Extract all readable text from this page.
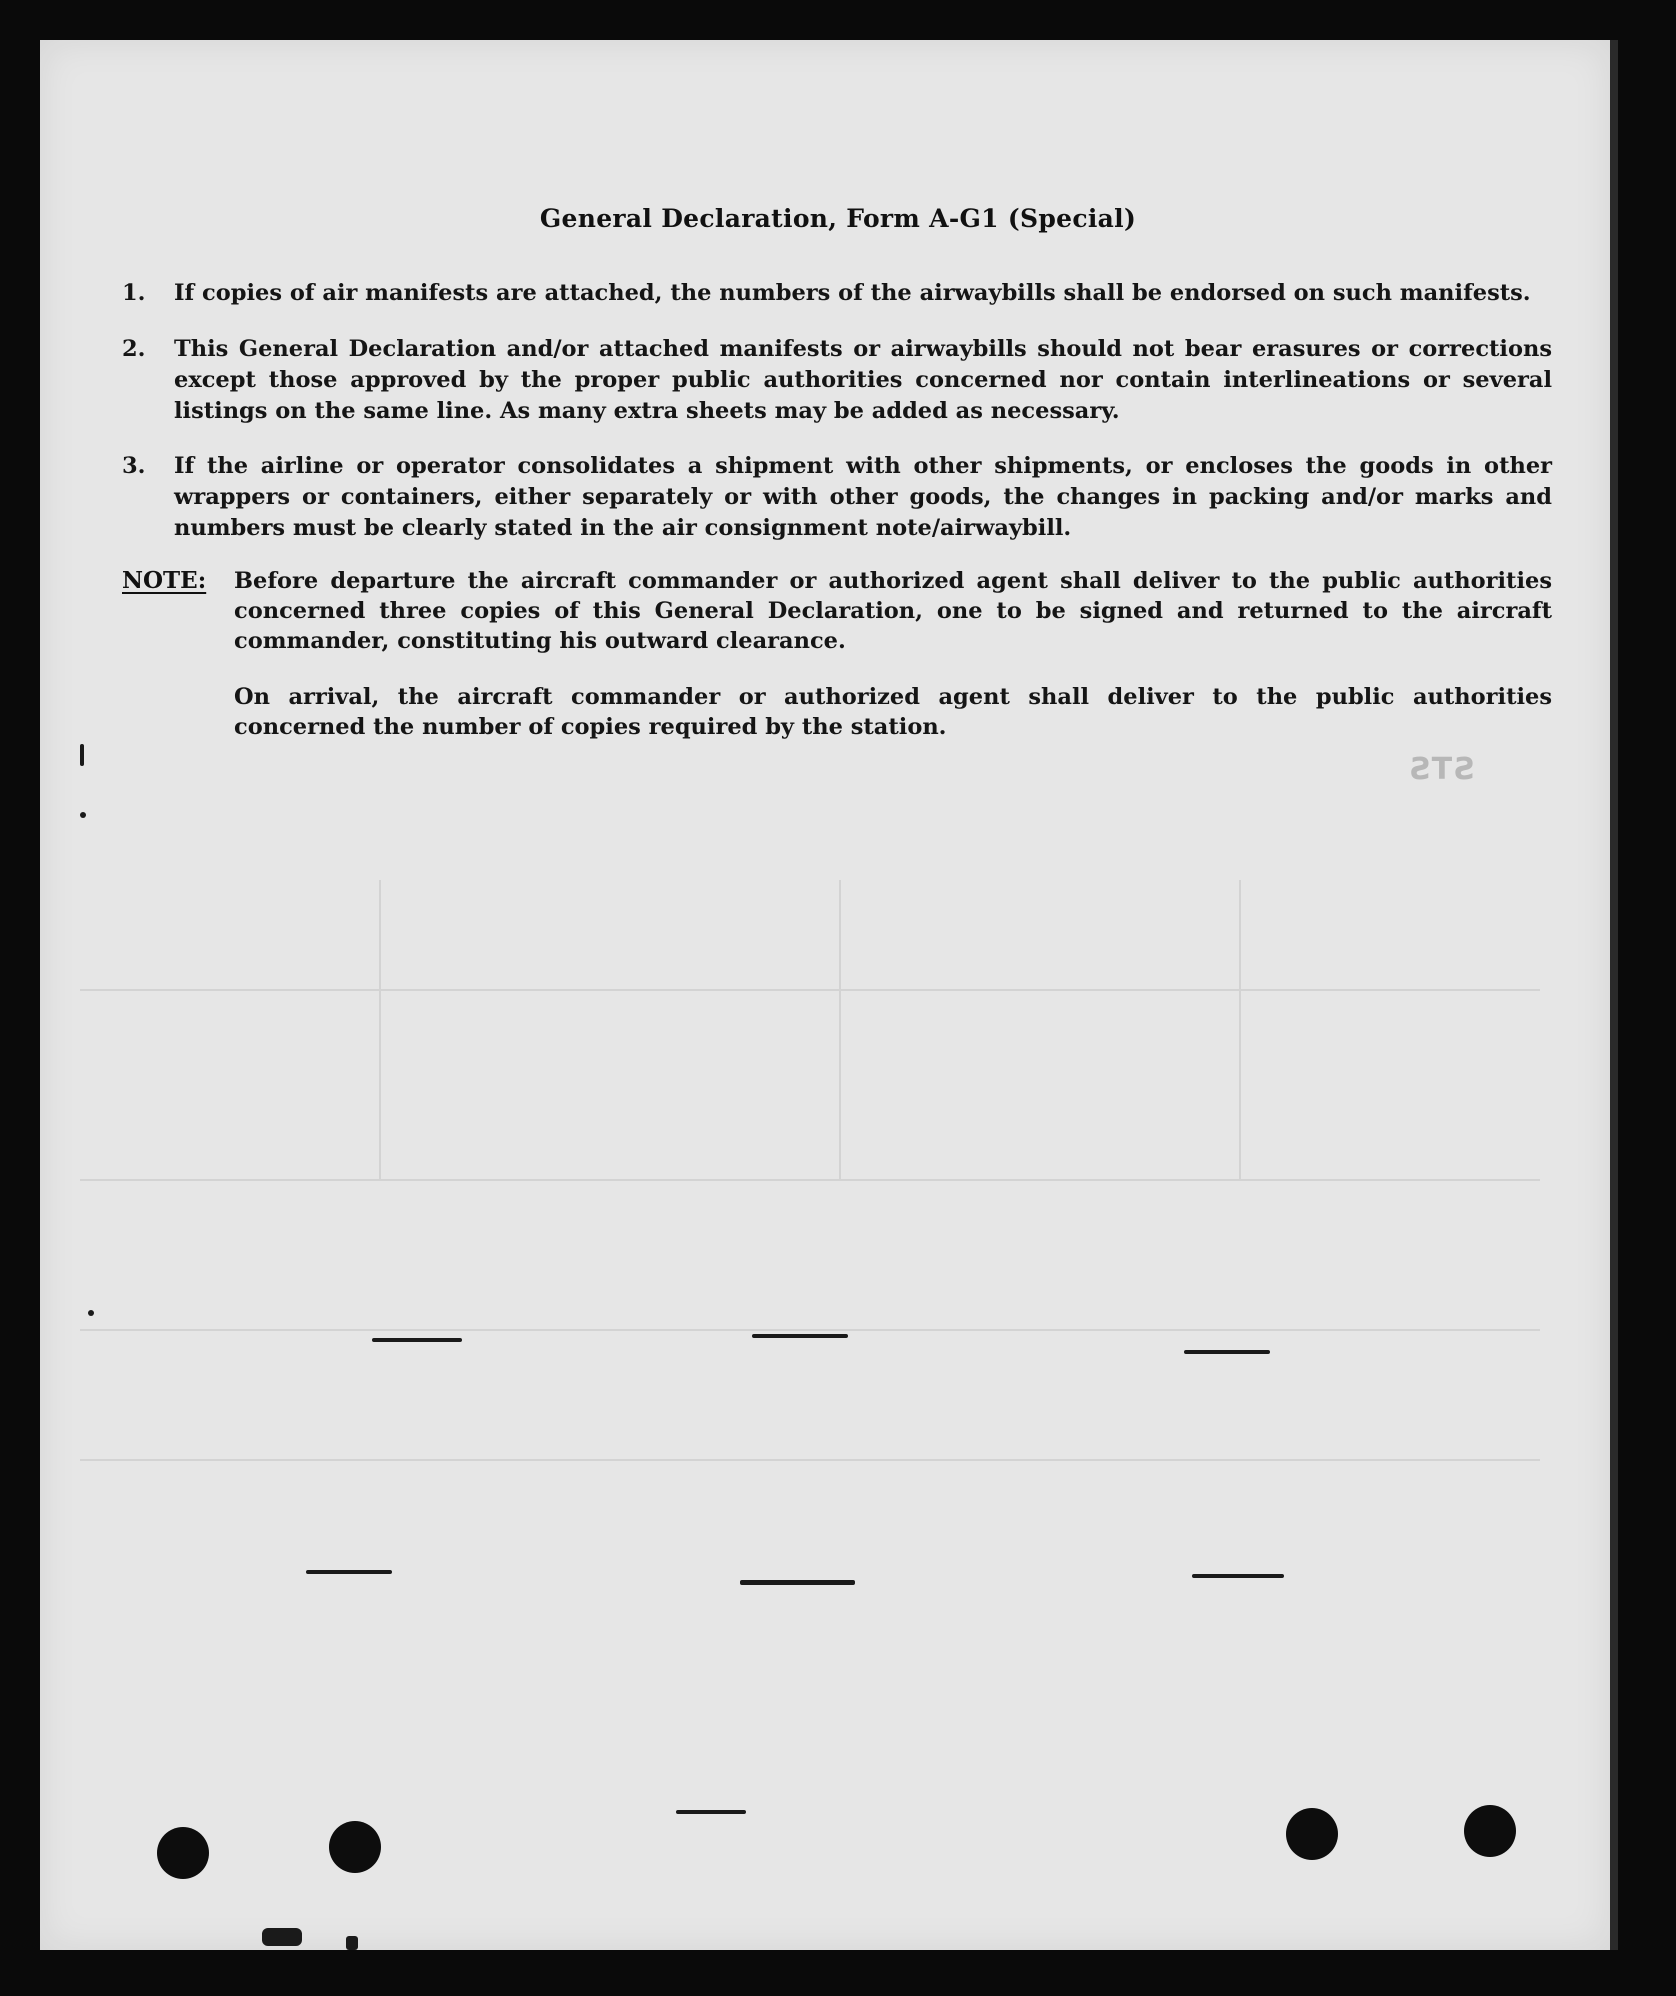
General Declaration, Form A-G1 (Special)
1.	If copies of air manifests are attached, the numbers of the airwaybills shall be endorsed on such manifests.
2.	This General Declaration and/or attached manifests or airwaybills should not bear erasures or corrections except those approved by the proper public authorities concerned nor contain interlineations or several listings on the same line. As many extra sheets may be added as necessary.
3.	If the airline or operator consolidates a shipment with other shipments, or encloses the goods in other wrappers or containers, either separately or with other goods, the changes in packing and/or marks and numbers must be clearly stated in the air consignment note/airwaybill.
NOTE: Before departure the aircraft commander or authorized agent shall deliver to the public authorities concerned three copies of this General Declaration, one to be signed and returned to the aircraft commander, constituting his outward clearance.
On arrival, the aircraft commander or authorized agent shall deliver to the public authorities concerned the number of copies required by the station.
STS
